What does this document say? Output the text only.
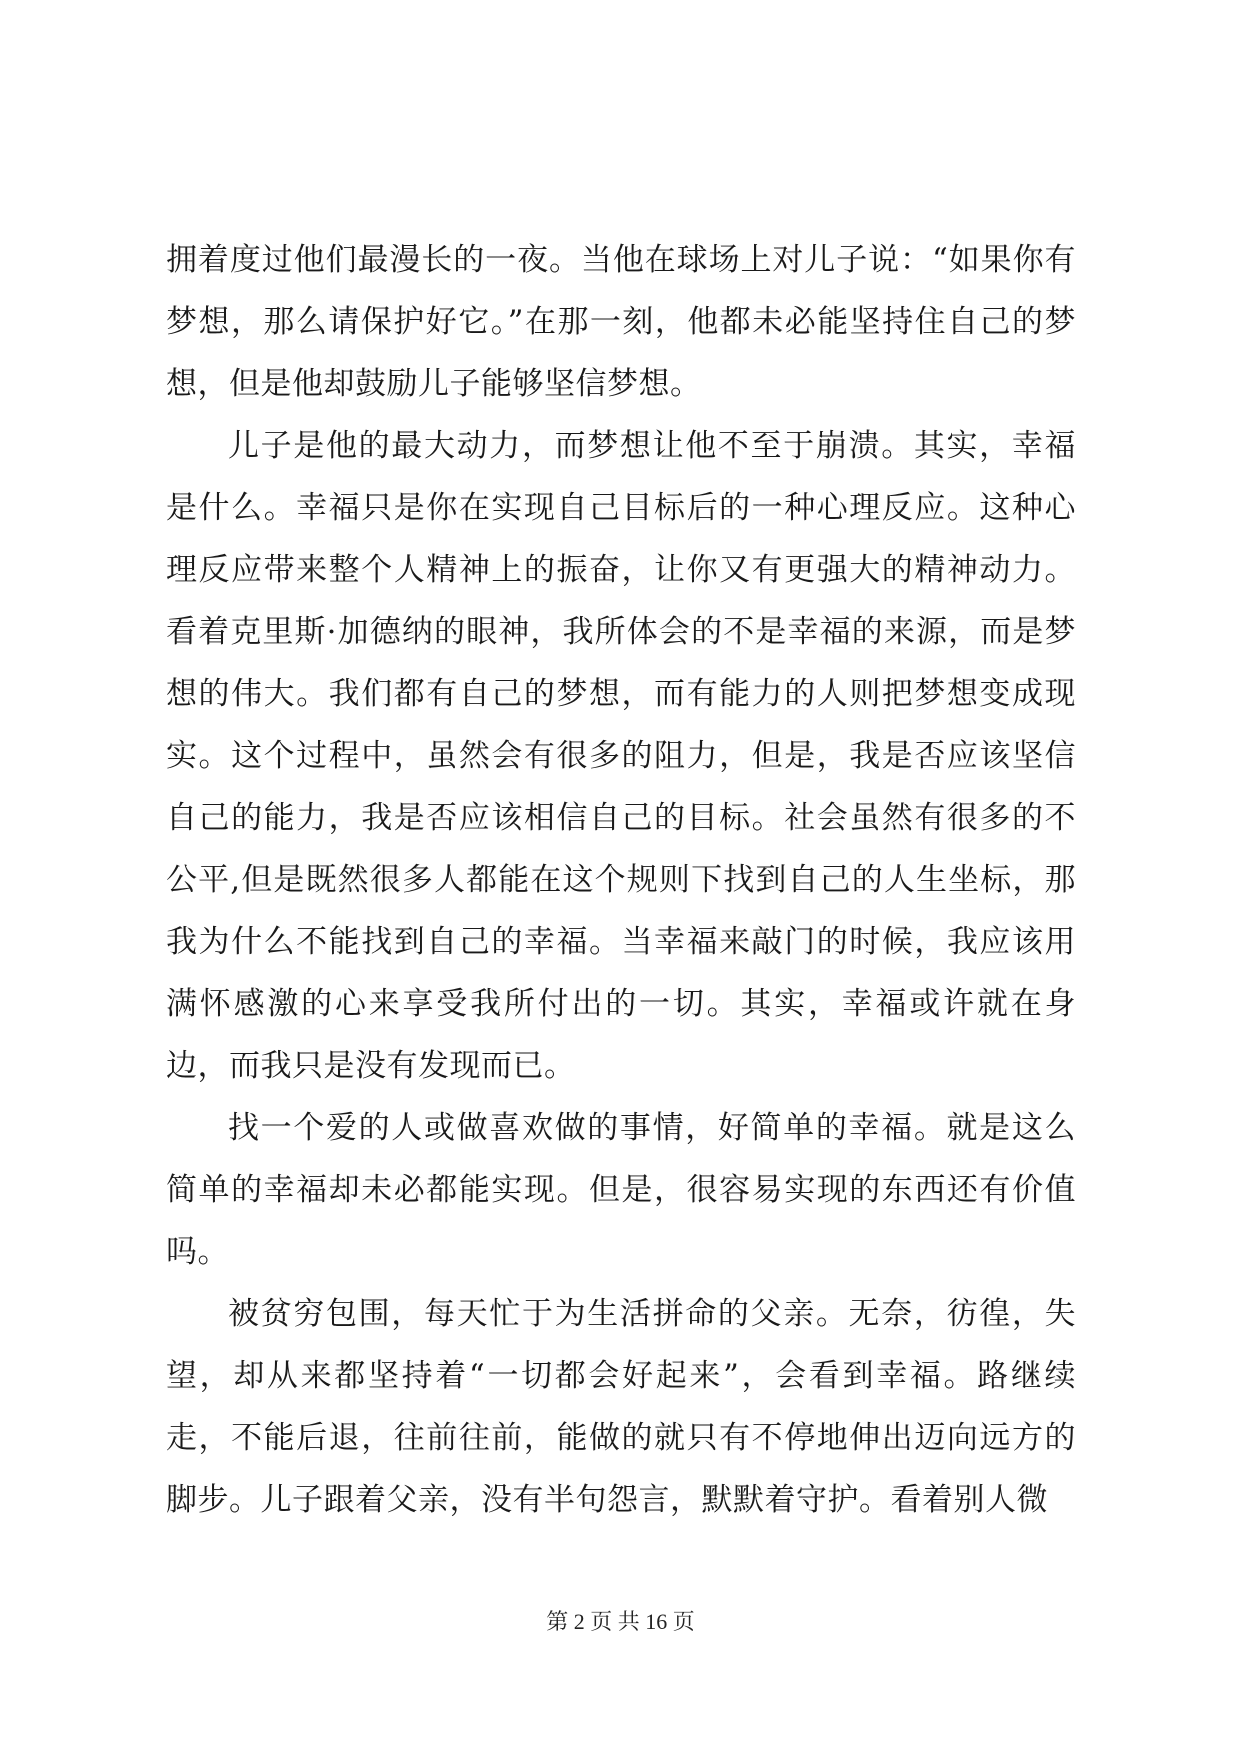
拥着度过他们最漫长的一夜。当他在球场上对儿子说：“如果你有梦想，那么请保护好它。”在那一刻，他都未必能坚持住自己的梦想，但是他却鼓励儿子能够坚信梦想。

儿子是他的最大动力，而梦想让他不至于崩溃。其实，幸福是什么。幸福只是你在实现自己目标后的一种心理反应。这种心理反应带来整个人精神上的振奋，让你又有更强大的精神动力。看着克里斯·加德纳的眼神，我所体会的不是幸福的来源，而是梦想的伟大。我们都有自己的梦想，而有能力的人则把梦想变成现实。这个过程中，虽然会有很多的阻力，但是，我是否应该坚信自己的能力，我是否应该相信自己的目标。社会虽然有很多的不公平,但是既然很多人都能在这个规则下找到自己的人生坐标，那我为什么不能找到自己的幸福。当幸福来敲门的时候，我应该用满怀感激的心来享受我所付出的一切。其实，幸福或许就在身边，而我只是没有发现而已。

找一个爱的人或做喜欢做的事情，好简单的幸福。就是这么简单的幸福却未必都能实现。但是，很容易实现的东西还有价值吗。

被贫穷包围，每天忙于为生活拼命的父亲。无奈，彷徨，失望，却从来都坚持着“一切都会好起来”，会看到幸福。路继续走，不能后退，往前往前，能做的就只有不停地伸出迈向远方的脚步。儿子跟着父亲，没有半句怨言，默默着守护。看着别人微

第 2 页 共 16 页
